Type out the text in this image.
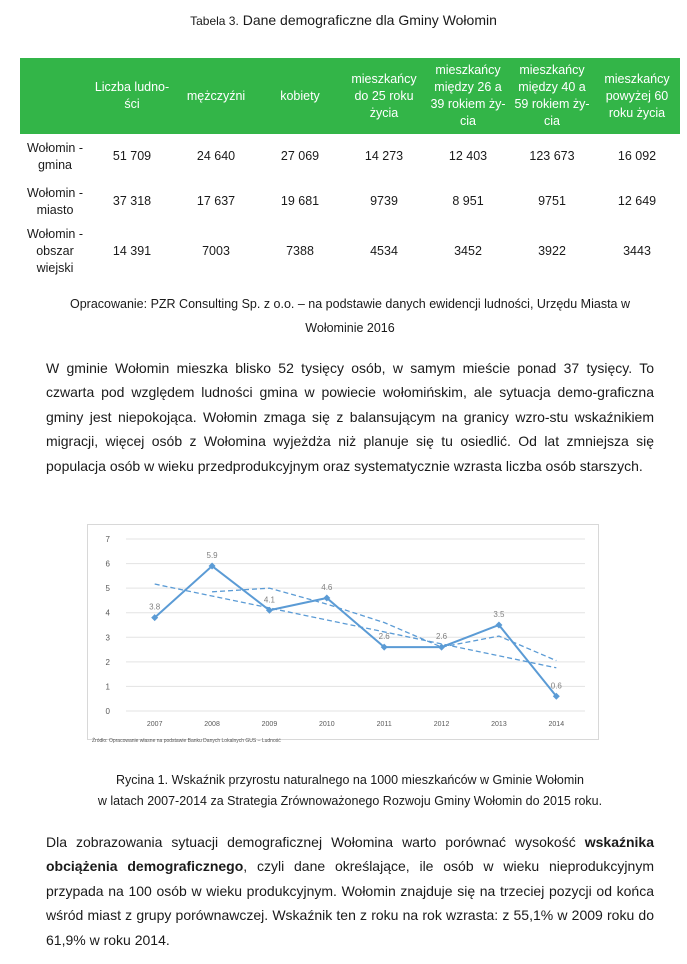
Tabela 3. Dane demograficzne dla Gminy Wołomin
	Liczba ludno-ści	mężczyźni	kobiety	mieszkańcy do 25 roku życia	mieszkańcy między 26 a 39 rokiem ży-cia	mieszkańcy między 40 a 59 rokiem ży-cia	mieszkańcy powyżej 60 roku życia
Wołomin - gmina	51 709	24 640	27 069	14 273	12 403	123 673	16 092
Wołomin - miasto	37 318	17 637	19 681	9739	8 951	9751	12 649
Wołomin - obszar wiejski	14 391	7003	7388	4534	3452	3922	3443
Opracowanie: PZR Consulting Sp. z o.o. – na podstawie danych ewidencji ludności, Urzędu Miasta w Wołominie 2016
W gminie Wołomin mieszka blisko 52 tysięcy osób, w samym mieście ponad 37 tysięcy. To czwarta pod względem ludności gmina w powiecie wołomińskim, ale sytuacja demo-graficzna gminy jest niepokojąca. Wołomin zmaga się z balansującym na granicy wzro-stu wskaźnikiem migracji, więcej osób z Wołomina wyjeżdża niż planuje się tu osiedlić. Od lat zmniejsza się populacja osób w wieku przedprodukcyjnym oraz systematycznie wzrasta liczba osób starszych.
0
1
2
3
4
5
6
7
2007	2008	2009	2010	2011	2012	2013	2014
3.8
5.9
4.1
4.6
2.6	2.6
3.5
0.6
Źródło: Opracowanie własne na podstawie Banku Danych Lokalnych GUS – Ludność
Rycina 1. Wskaźnik przyrostu naturalnego na 1000 mieszkańców w Gminie Wołomin
w latach 2007-2014 za Strategia Zrównoważonego Rozwoju Gminy Wołomin do 2015 roku.
Dla zobrazowania sytuacji demograficznej Wołomina warto porównać wysokość wskaźnika obciążenia demograficznego, czyli dane określające, ile osób w wieku nieprodukcyjnym przypada na 100 osób w wieku produkcyjnym. Wołomin znajduje się na trzeciej pozycji od końca wśród miast z grupy porównawczej. Wskaźnik ten z roku na rok wzrasta: z 55,1% w 2009 roku do 61,9% w roku 2014.
